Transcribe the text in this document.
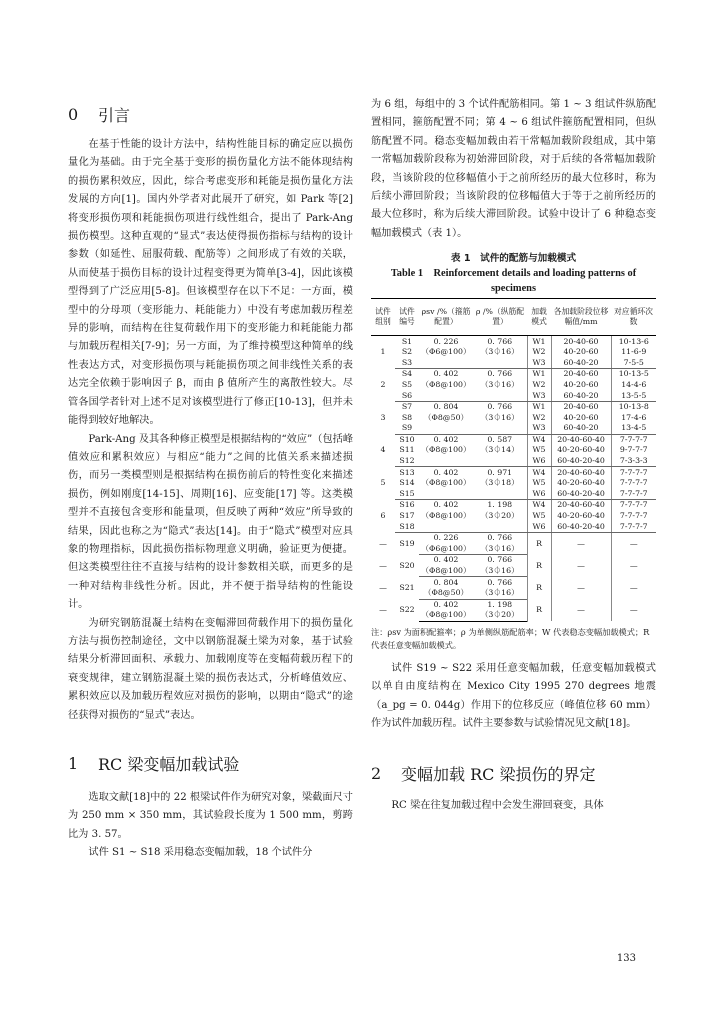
0	引言

在基于性能的设计方法中，结构性能目标的确定应以损伤量化为基础。由于完全基于变形的损伤量化方法不能体现结构的损伤累积效应，因此，综合考虑变形和耗能是损伤量化方法发展的方向[1]。国内外学者对此展开了研究，如 Park 等[2] 将变形损伤项和耗能损伤项进行线性组合，提出了 Park-Ang 损伤模型。这种直观的“显式”表达使得损伤指标与结构的设计参数（如延性、屈服荷载、配筋等）之间形成了有效的关联，从而使基于损伤目标的设计过程变得更为简单[3-4]，因此该模型得到了广泛应用[5-8]。但该模型存在以下不足：一方面，模型中的分母项（变形能力、耗能能力）中没有考虑加载历程差异的影响，而结构在往复荷载作用下的变形能力和耗能能力都与加载历程相关[7-9]；另一方面，为了维持模型这种简单的线性表达方式，对变形损伤项与耗能损伤项之间非线性关系的表达完全依赖于影响因子 β，而由 β 值所产生的离散性较大。尽管各国学者针对上述不足对该模型进行了修正[10-13]，但并未能得到较好地解决。

Park-Ang 及其各种修正模型是根据结构的“效应”（包括峰值效应和累积效应）与相应“能力”之间的比值关系来描述损伤，而另一类模型则是根据结构在损伤前后的特性变化来描述损伤，例如刚度[14-15]、周期[16]、应变能[17] 等。这类模型并不直接包含变形和能量项，但反映了两种“效应”所导致的结果，因此也称之为“隐式”表达[14]。由于“隐式”模型对应具象的物理指标，因此损伤指标物理意义明确，验证更为便捷。但这类模型往往不直接与结构的设计参数相关联，而更多的是一种对结构非线性分析。因此，并不便于指导结构的性能设计。

为研究钢筋混凝土结构在变幅滞回荷载作用下的损伤量化方法与损伤控制途径，文中以钢筋混凝土梁为对象，基于试验结果分析滞回面积、承载力、加载刚度等在变幅荷载历程下的衰变规律，建立钢筋混凝土梁的损伤表达式，分析峰值效应、累积效应以及加载历程效应对损伤的影响，以期由“隐式”的途径获得对损伤的“显式”表达。

1	RC 梁变幅加载试验

选取文献[18]中的 22 根梁试件作为研究对象，梁截面尺寸为 250 mm × 350 mm，其试验段长度为 1 500 mm，剪跨比为 3. 57。

试件 S1 ~ S18 采用稳态变幅加载，18 个试件分

为 6 组，每组中的 3 个试件配筋相同。第 1 ~ 3 组试件纵筋配置相同，箍筋配置不同；第 4 ~ 6 组试件箍筋配置相同，但纵筋配置不同。稳态变幅加载由若干常幅加载阶段组成，其中第一常幅加载阶段称为初始滞回阶段，对于后续的各常幅加载阶段，当该阶段的位移幅值小于之前所经历的最大位移时，称为后续小滞回阶段；当该阶段的位移幅值大于等于之前所经历的最大位移时，称为后续大滞回阶段。试验中设计了 6 种稳态变幅加载模式（表 1）。

表 1　试件的配筋与加载模式
Table 1　Reinforcement details and loading patterns of specimens
试件组别	试件编号	ρsv /%（箍筋配置）	ρ /%（纵筋配置）	加载模式	各加载阶段位移幅值/mm	对应循环次数
1	S1	0. 226	0. 766	W1	20-40-60	10-13-6
	S2	（Φ6@100）	（3⏀16）	W2	40-20-60	11-6-9
	S3			W3	60-40-20	7-5-5
2	S4	0. 402	0. 766	W1	20-40-60	10-13-5
	S5	（Φ8@100）	（3⏀16）	W2	40-20-60	14-4-6
	S6			W3	60-40-20	13-5-5
3	S7	0. 804	0. 766	W1	20-40-60	10-13-8
	S8	（Φ8@50）	（3⏀16）	W2	40-20-60	17-4-6
	S9			W3	60-40-20	13-4-5
4	S10	0. 402	0. 587	W4	20-40-60-40	7-7-7-7
	S11	（Φ8@100）	（3⏀14）	W5	40-20-60-40	9-7-7-7
	S12			W6	60-40-20-40	7-3-3-3
5	S13	0. 402	0. 971	W4	20-40-60-40	7-7-7-7
	S14	（Φ8@100）	（3⏀18）	W5	40-20-60-40	7-7-7-7
	S15			W6	60-40-20-40	7-7-7-7
6	S16	0. 402	1. 198	W4	20-40-60-40	7-7-7-7
	S17	（Φ8@100）	（3⏀20）	W5	40-20-60-40	7-7-7-7
	S18			W6	60-40-20-40	7-7-7-7
—	S19	0. 226	0. 766	R	—	—
		（Φ6@100）	（3⏀16）			
—	S20	0. 402	0. 766	R	—	—
		（Φ8@100）	（3⏀16）			
—	S21	0. 804	0. 766	R	—	—
		（Φ8@50）	（3⏀16）			
—	S22	0. 402	1. 198	R	—	—
		（Φ8@100）	（3⏀20）			
注：ρsv 为面积配箍率；ρ 为单侧纵筋配筋率；W 代表稳态变幅加载模式；R 代表任意变幅加载模式。

试件 S19 ~ S22 采用任意变幅加载，任意变幅加载模式以单自由度结构在 Mexico City 1995 270 degrees 地震（a_pg = 0. 044g）作用下的位移反应（峰值位移 60 mm）作为试件加载历程。试件主要参数与试验情况见文献[18]。

2	变幅加载 RC 梁损伤的界定

RC 梁在往复加载过程中会发生滞回衰变，具体

133
